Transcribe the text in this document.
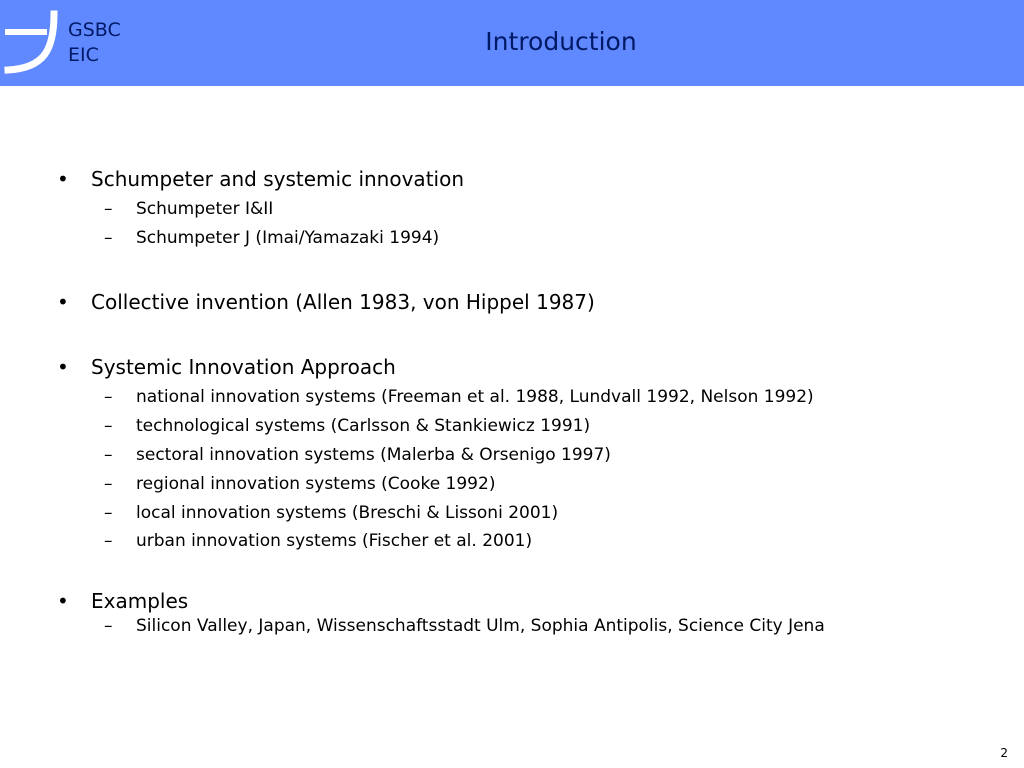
GSBC
EIC	Introduction
• Schumpeter and systemic innovation
– Schumpeter I&II
– Schumpeter J (Imai/Yamazaki 1994)
• Collective invention (Allen 1983, von Hippel 1987)
• Systemic Innovation Approach
– national innovation systems (Freeman et al. 1988, Lundvall 1992, Nelson 1992)
– technological systems (Carlsson & Stankiewicz 1991)
– sectoral innovation systems (Malerba & Orsenigo 1997)
– regional innovation systems (Cooke 1992)
– local innovation systems (Breschi & Lissoni 2001)
– urban innovation systems (Fischer et al. 2001)
• Examples
– Silicon Valley, Japan, Wissenschaftsstadt Ulm, Sophia Antipolis, Science City Jena
2
